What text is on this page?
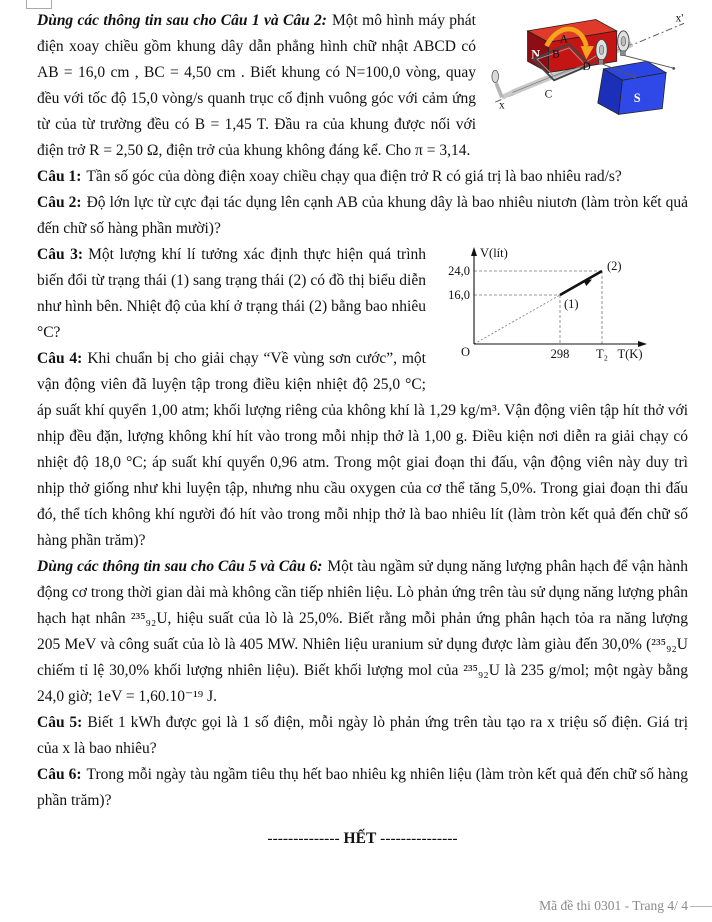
N
S
A
B
C
D
x
x'
Dùng các thông tin sau cho Câu 1 và Câu 2: Một mô hình máy phát điện xoay chiều gồm khung dây dẫn phẳng hình chữ nhật ABCD có AB = 16,0 cm , BC = 4,50 cm . Biết khung có N=100,0 vòng, quay đều với tốc độ 15,0 vòng/s quanh trục cố định vuông góc với cảm ứng từ của từ trường đều có B = 1,45 T. Đầu ra của khung được nối với điện trở R = 2,50 Ω, điện trở của khung không đáng kể. Cho π = 3,14.

Câu 1: Tần số góc của dòng điện xoay chiều chạy qua điện trở R có giá trị là bao nhiêu rad/s?

Câu 2: Độ lớn lực từ cực đại tác dụng lên cạnh AB của khung dây là bao nhiêu niutơn (làm tròn kết quả đến chữ số hàng phần mười)?

V(lít)
24,0
16,0
O	298 T₂ T(K)
(1)
(2)
Câu 3: Một lượng khí lí tưởng xác định thực hiện quá trình biến đổi từ trạng thái (1) sang trạng thái (2) có đồ thị biểu diễn như hình bên. Nhiệt độ của khí ở trạng thái (2) bằng bao nhiêu °C?

Câu 4: Khi chuẩn bị cho giải chạy “Về vùng sơn cước”, một vận động viên đã luyện tập trong điều kiện nhiệt độ 25,0 °C; áp suất khí quyển 1,00 atm; khối lượng riêng của không khí là 1,29 kg/m³. Vận động viên tập hít thở với nhịp đều đặn, lượng không khí hít vào trong mỗi nhịp thở là 1,00 g. Điều kiện nơi diễn ra giải chạy có nhiệt độ 18,0 °C; áp suất khí quyển 0,96 atm. Trong một giai đoạn thi đấu, vận động viên này duy trì nhịp thở giống như khi luyện tập, nhưng nhu cầu oxygen của cơ thể tăng 5,0%. Trong giai đoạn thi đấu đó, thể tích không khí người đó hít vào trong mỗi nhịp thở là bao nhiêu lít (làm tròn kết quả đến chữ số hàng phần trăm)?

Dùng các thông tin sau cho Câu 5 và Câu 6: Một tàu ngầm sử dụng năng lượng phân hạch để vận hành động cơ trong thời gian dài mà không cần tiếp nhiên liệu. Lò phản ứng trên tàu sử dụng năng lượng phân hạch hạt nhân ²³⁵₉₂U, hiệu suất của lò là 25,0%. Biết rằng mỗi phản ứng phân hạch tỏa ra năng lượng 205 MeV và công suất của lò là 405 MW. Nhiên liệu uranium sử dụng được làm giàu đến 30,0% (²³⁵₉₂U chiếm tỉ lệ 30,0% khối lượng nhiên liệu). Biết khối lượng mol của ²³⁵₉₂U là 235 g/mol; một ngày bằng 24,0 giờ; 1eV = 1,60.10⁻¹⁹ J.

Câu 5: Biết 1 kWh được gọi là 1 số điện, mỗi ngày lò phản ứng trên tàu tạo ra x triệu số điện. Giá trị của x là bao nhiêu?

Câu 6: Trong mỗi ngày tàu ngầm tiêu thụ hết bao nhiêu kg nhiên liệu (làm tròn kết quả đến chữ số hàng phần trăm)?

-------------- HẾT ---------------

Mã đề thi 0301 - Trang 4/ 4
